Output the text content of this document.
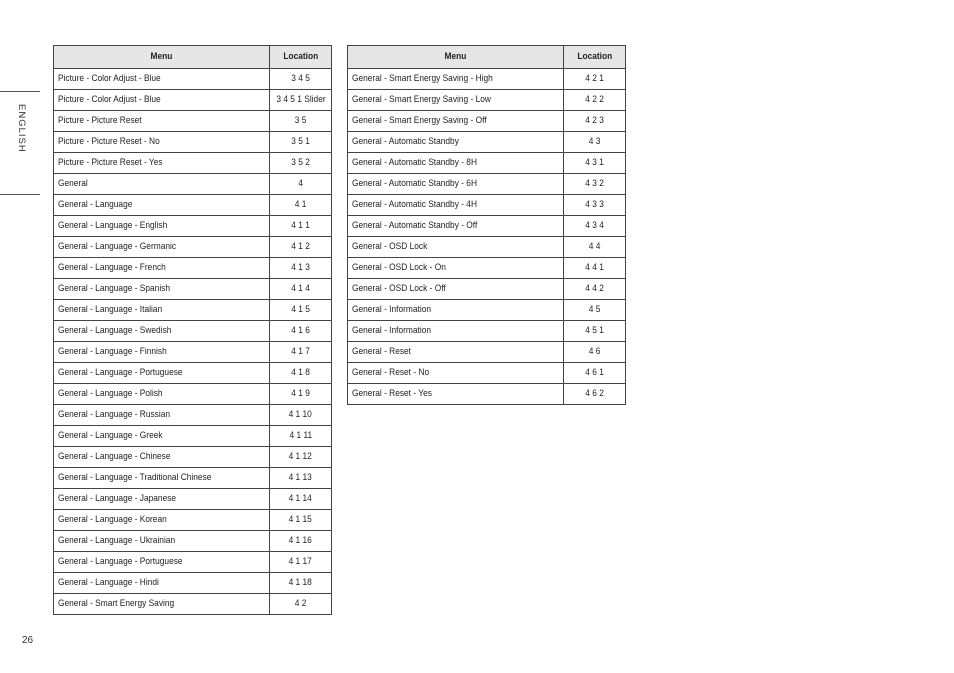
ENGLISH
Menu	Location
Picture - Color Adjust - Blue	3 4 5
Picture - Color Adjust - Blue	3 4 5 1 Slider
Picture - Picture Reset	3 5
Picture - Picture Reset - No	3 5 1
Picture - Picture Reset - Yes	3 5 2
General	4
General - Language	4 1
General - Language - English	4 1 1
General - Language - Germanic	4 1 2
General - Language - French	4 1 3
General - Language - Spanish	4 1 4
General - Language - Italian	4 1 5
General - Language - Swedish	4 1 6
General - Language - Finnish	4 1 7
General - Language - Portuguese	4 1 8
General - Language - Polish	4 1 9
General - Language - Russian	4 1 10
General - Language - Greek	4 1 11
General - Language - Chinese	4 1 12
General - Language - Traditional Chinese	4 1 13
General - Language - Japanese	4 1 14
General - Language - Korean	4 1 15
General - Language - Ukrainian	4 1 16
General - Language - Portuguese	4 1 17
General - Language - Hindi	4 1 18
General - Smart Energy Saving	4 2
Menu	Location
General - Smart Energy Saving - High	4 2 1
General - Smart Energy Saving - Low	4 2 2
General - Smart Energy Saving - Off	4 2 3
General - Automatic Standby	4 3
General - Automatic Standby - 8H	4 3 1
General - Automatic Standby - 6H	4 3 2
General - Automatic Standby - 4H	4 3 3
General - Automatic Standby - Off	4 3 4
General - OSD Lock	4 4
General - OSD Lock - On	4 4 1
General - OSD Lock - Off	4 4 2
General - Information	4 5
General - Information	4 5 1
General - Reset	4 6
General - Reset - No	4 6 1
General - Reset - Yes	4 6 2
26
